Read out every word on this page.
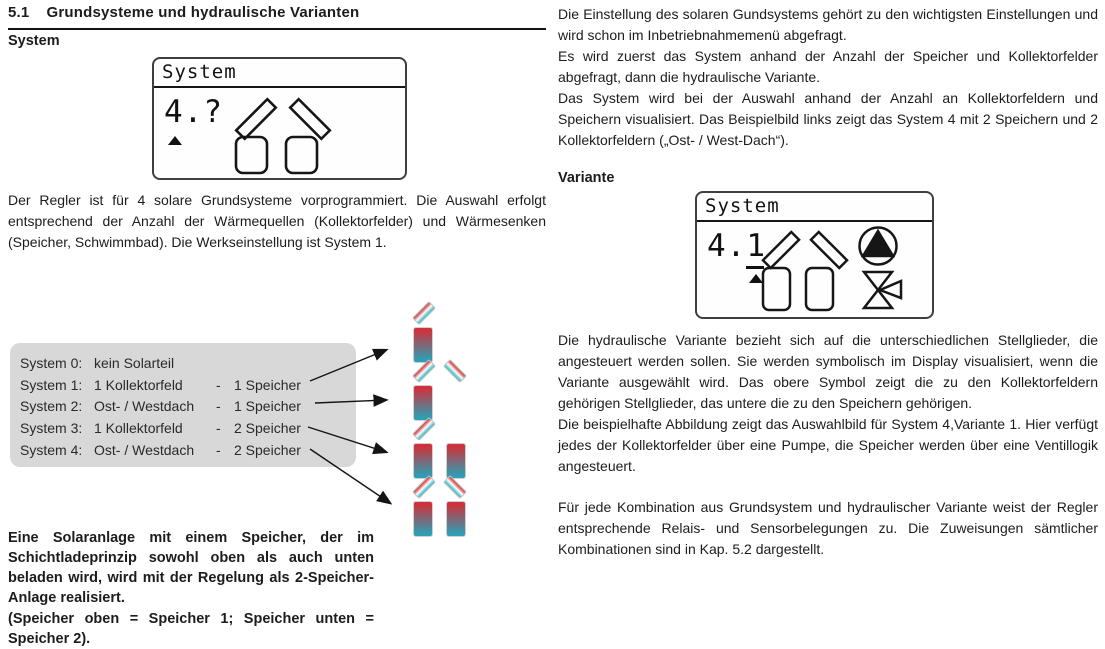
5.1 Grundsysteme und hydraulische Varianten
System
System
4.?
Der Regler ist für 4 solare Grundsysteme vorprogrammiert. Die Auswahl erfolgt entsprechend der Anzahl der Wärmequellen (Kollektorfelder) und Wärmesenken (Speicher, Schwimmbad). Die Werkseinstellung ist System 1.
System 0: kein Solarteil
System 1: 1 Kollektorfeld	- 1 Speicher
System 2: Ost- / Westdach	- 1 Speicher
System 3: 1 Kollektorfeld	- 2 Speicher
System 4: Ost- / Westdach	- 2 Speicher
Eine Solaranlage mit einem Speicher, der im Schichtladeprinzip sowohl oben als auch unten beladen wird, wird mit der Regelung als 2-Speicher-Anlage realisiert.
(Speicher oben = Speicher 1; Speicher unten = Speicher 2).
Die Einstellung des solaren Gundsystems gehört zu den wichtigsten Einstellungen und wird schon im Inbetriebnahmemenü abgefragt.
Es wird zuerst das System anhand der Anzahl der Speicher und Kollektorfelder abgefragt, dann die hydraulische Variante.
Das System wird bei der Auswahl anhand der Anzahl an Kollektorfeldern und Speichern visualisiert. Das Beispielbild links zeigt das System 4 mit 2 Speichern und 2 Kollektorfeldern („Ost- / West-Dach“).
Variante
System
4.1
Die hydraulische Variante bezieht sich auf die unterschiedlichen Stellglieder, die angesteuert werden sollen. Sie werden symbolisch im Display visualisiert, wenn die Variante ausgewählt wird. Das obere Symbol zeigt die zu den Kollektorfeldern gehörigen Stellglieder, das untere die zu den Speichern gehörigen.
Die beispielhafte Abbildung zeigt das Auswahlbild für System 4,Variante 1. Hier verfügt jedes der Kollektorfelder über eine Pumpe, die Speicher werden über eine Ventillogik angesteuert.
Für jede Kombination aus Grundsystem und hydraulischer Variante weist der Regler entsprechende Relais- und Sensorbelegungen zu. Die Zuweisungen sämtlicher Kombinationen sind in Kap. 5.2 dargestellt.
